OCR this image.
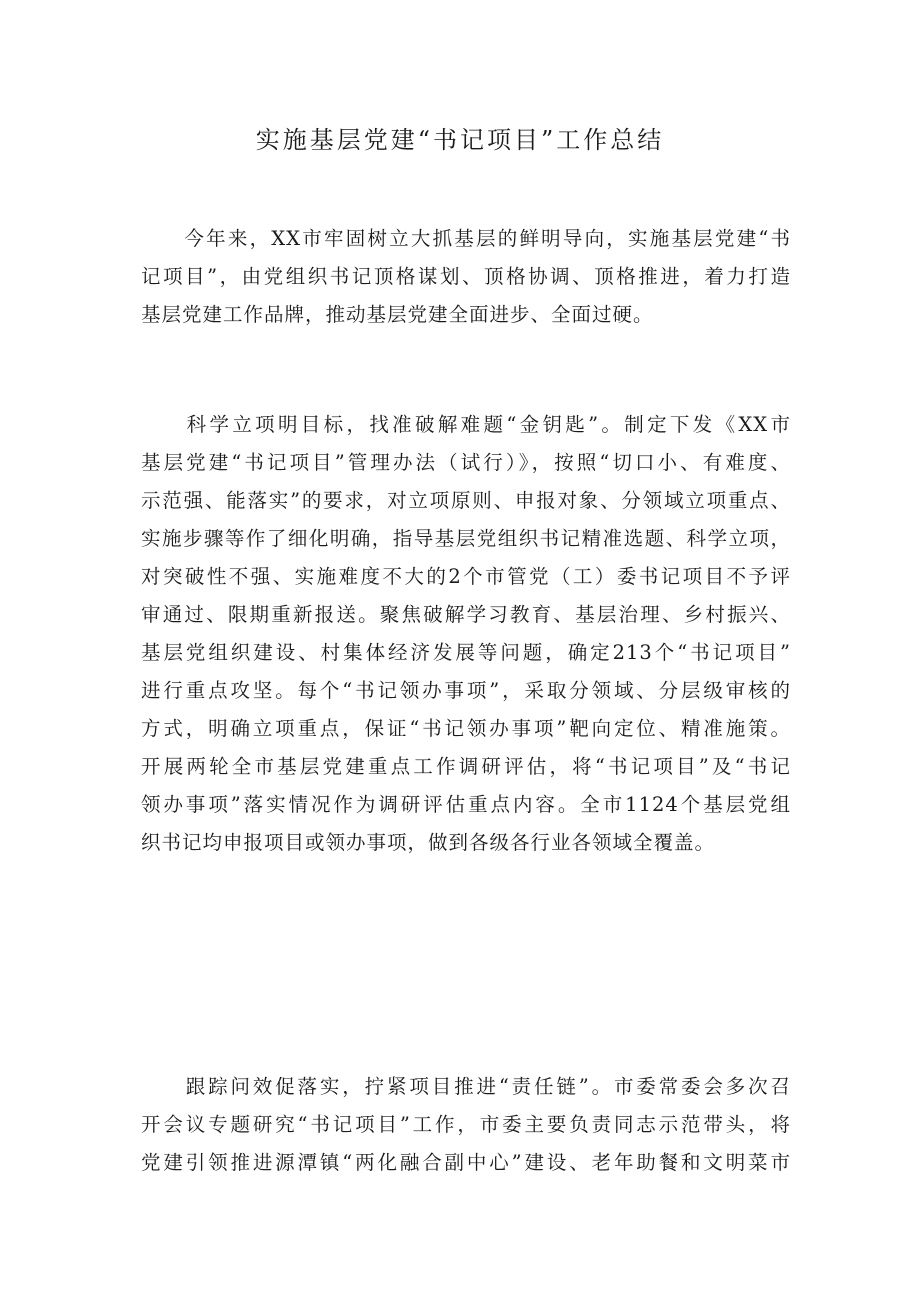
实施基层党建“书记项目”工作总结
　　今年来，XX市牢固树立大抓基层的鲜明导向，实施基层党建“书
记项目”，由党组织书记顶格谋划、顶格协调、顶格推进，着力打造
基层党建工作品牌，推动基层党建全面进步、全面过硬。
　　科学立项明目标，找准破解难题“金钥匙”。制定下发《XX市
基层党建“书记项目”管理办法（试行）》，按照“切口小、有难度、
示范强、能落实”的要求，对立项原则、申报对象、分领域立项重点、
实施步骤等作了细化明确，指导基层党组织书记精准选题、科学立项，
对突破性不强、实施难度不大的2个市管党（工）委书记项目不予评
审通过、限期重新报送。聚焦破解学习教育、基层治理、乡村振兴、
基层党组织建设、村集体经济发展等问题，确定213个“书记项目”
进行重点攻坚。每个“书记领办事项”，采取分领域、分层级审核的
方式，明确立项重点，保证“书记领办事项”靶向定位、精准施策。
开展两轮全市基层党建重点工作调研评估，将“书记项目”及“书记
领办事项”落实情况作为调研评估重点内容。全市1124个基层党组
织书记均申报项目或领办事项，做到各级各行业各领域全覆盖。
　　跟踪问效促落实，拧紧项目推进“责任链”。市委常委会多次召
开会议专题研究“书记项目”工作，市委主要负责同志示范带头，将
党建引领推进源潭镇“两化融合副中心”建设、老年助餐和文明菜市
